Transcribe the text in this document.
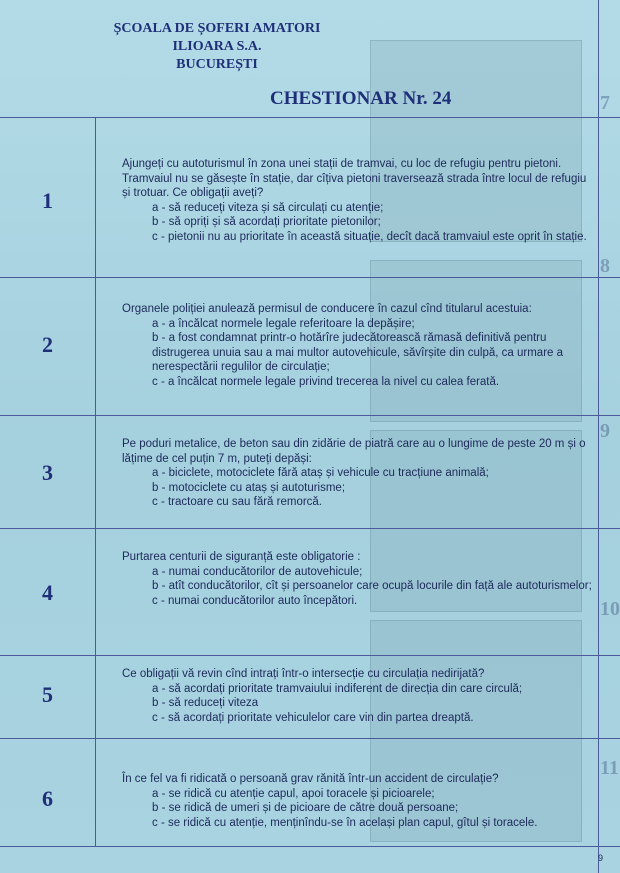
ȘCOALA DE ȘOFERI AMATORI
ILIOARA S.A.
BUCUREȘTI
CHESTIONAR Nr. 24	7
8
9
10
11
1
Ajungeți cu autoturismul în zona unei stații de tramvai, cu loc de refugiu pentru pietoni. Tramvaiul nu se găsește în stație, dar cîțiva pietoni traversează strada între locul de refugiu și trotuar. Ce obligații aveți?
a - să reduceți viteza și să circulați cu atenție;
b - să opriți și să acordați prioritate pietonilor;
c - pietonii nu au prioritate în această situație, decît dacă tramvaiul este oprit în stație.
2
Organele poliției anulează permisul de conducere în cazul cînd titularul acestuia:
a - a încălcat normele legale referitoare la depășire;
b - a fost condamnat printr-o hotărîre judecătorească rămasă definitivă pentru distrugerea unuia sau a mai multor autovehicule, săvîrșite din culpă, ca urmare a nerespectării regulilor de circulație;
c - a încălcat normele legale privind trecerea la nivel cu calea ferată.
3
Pe poduri metalice, de beton sau din zidărie de piatră care au o lungime de peste 20 m și o lățime de cel puțin 7 m, puteți depăși:
a - biciclete, motociclete fără ataș și vehicule cu tracțiune animală;
b - motociclete cu ataș și autoturisme;
c - tractoare cu sau fără remorcă.
4
Purtarea centurii de siguranță este obligatorie :
a - numai conducătorilor de autovehicule;
b - atît conducătorilor, cît și persoanelor care ocupă locurile din față ale autoturismelor;
c - numai conducătorilor auto începători.
5
Ce obligații vă revin cînd intrați într-o intersecție cu circulația nedirijată?
a - să acordați prioritate tramvaiului indiferent de direcția din care circulă;
b - să reduceți viteza
c - să acordați prioritate vehiculelor care vin din partea dreaptă.
6
În ce fel va fi ridicată o persoană grav rănită într-un accident de circulație?
a - se ridică cu atenție capul, apoi toracele și picioarele;
b - se ridică de umeri și de picioare de către două persoane;
c - se ridică cu atenție, menținîndu-se în același plan capul, gîtul și toracele.
9
